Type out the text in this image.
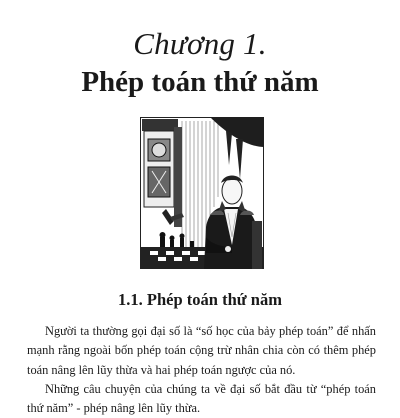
Chương 1.
Phép toán thứ năm
1.1. Phép toán thứ năm

Người ta thường gọi đại số là “số học của bảy phép toán” để nhấn mạnh rằng ngoài bốn phép toán cộng trừ nhân chia còn có thêm phép toán nâng lên lũy thừa và hai phép toán ngược của nó.

Những câu chuyện của chúng ta về đại số bắt đầu từ “phép toán thứ năm” - phép nâng lên lũy thừa.
